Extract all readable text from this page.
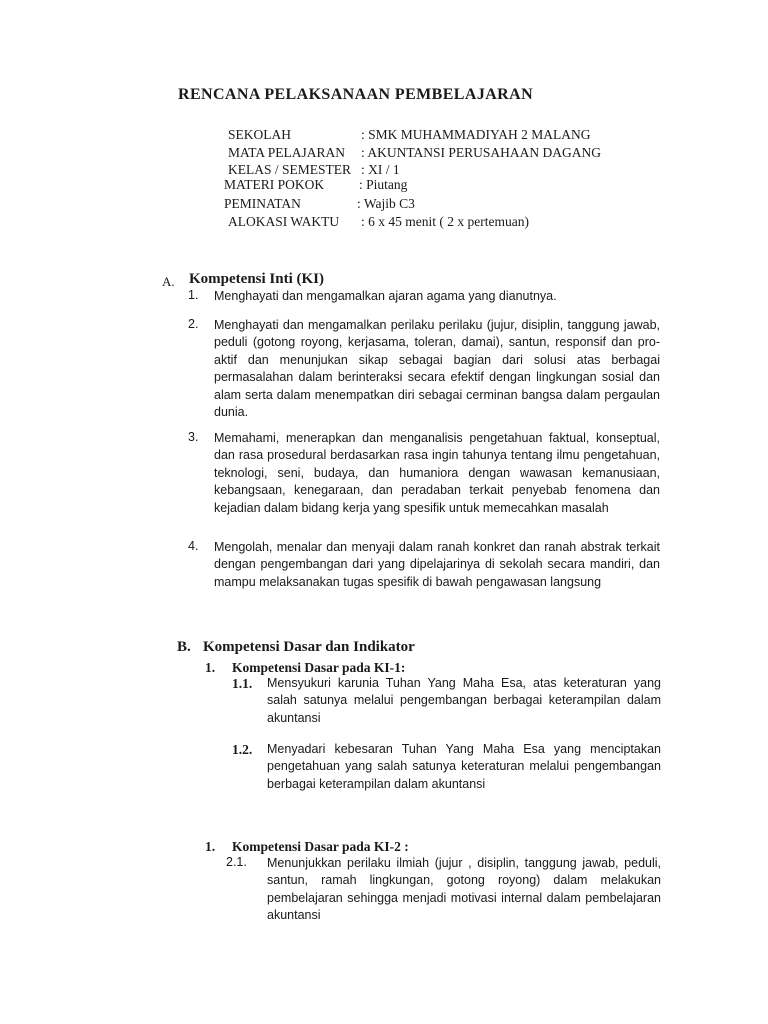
RENCANA PELAKSANAAN PEMBELAJARAN
SEKOLAH	: SMK MUHAMMADIYAH 2 MALANG
MATA PELAJARAN : AKUNTANSI PERUSAHAAN DAGANG
KELAS / SEMESTER : XI / 1
MATERI POKOK	: Piutang
PEMINATAN	: Wajib C3
ALOKASI WAKTU : 6 x 45 menit ( 2 x pertemuan)
A. Kompetensi Inti (KI)
1. Menghayati dan mengamalkan ajaran agama yang dianutnya.
2. Menghayati dan mengamalkan perilaku perilaku (jujur, disiplin, tanggung jawab, peduli (gotong royong, kerjasama, toleran, damai), santun, responsif dan pro-aktif dan menunjukan sikap sebagai bagian dari solusi atas berbagai permasalahan dalam berinteraksi secara efektif dengan lingkungan sosial dan alam serta dalam menempatkan diri sebagai cerminan bangsa dalam pergaulan dunia.
3. Memahami, menerapkan dan menganalisis pengetahuan faktual, konseptual, dan rasa prosedural berdasarkan rasa ingin tahunya tentang ilmu pengetahuan, teknologi, seni, budaya, dan humaniora dengan wawasan kemanusiaan, kebangsaan, kenegaraan, dan peradaban terkait penyebab fenomena dan kejadian dalam bidang kerja yang spesifik untuk memecahkan masalah
4. Mengolah, menalar dan menyaji dalam ranah konkret dan ranah abstrak terkait dengan pengembangan dari yang dipelajarinya di sekolah secara mandiri, dan mampu melaksanakan tugas spesifik di bawah pengawasan langsung
B. Kompetensi Dasar dan Indikator
1. Kompetensi Dasar pada KI-1:
1.1. Mensyukuri karunia Tuhan Yang Maha Esa, atas keteraturan yang salah satunya melalui pengembangan berbagai keterampilan dalam akuntansi
1.2. Menyadari kebesaran Tuhan Yang Maha Esa yang menciptakan pengetahuan yang salah satunya keteraturan melalui pengembangan berbagai keterampilan dalam akuntansi
1. Kompetensi Dasar pada KI-2 :
2.1. Menunjukkan perilaku ilmiah (jujur , disiplin, tanggung jawab, peduli, santun, ramah lingkungan, gotong royong) dalam melakukan pembelajaran sehingga menjadi motivasi internal dalam pembelajaran akuntansi
